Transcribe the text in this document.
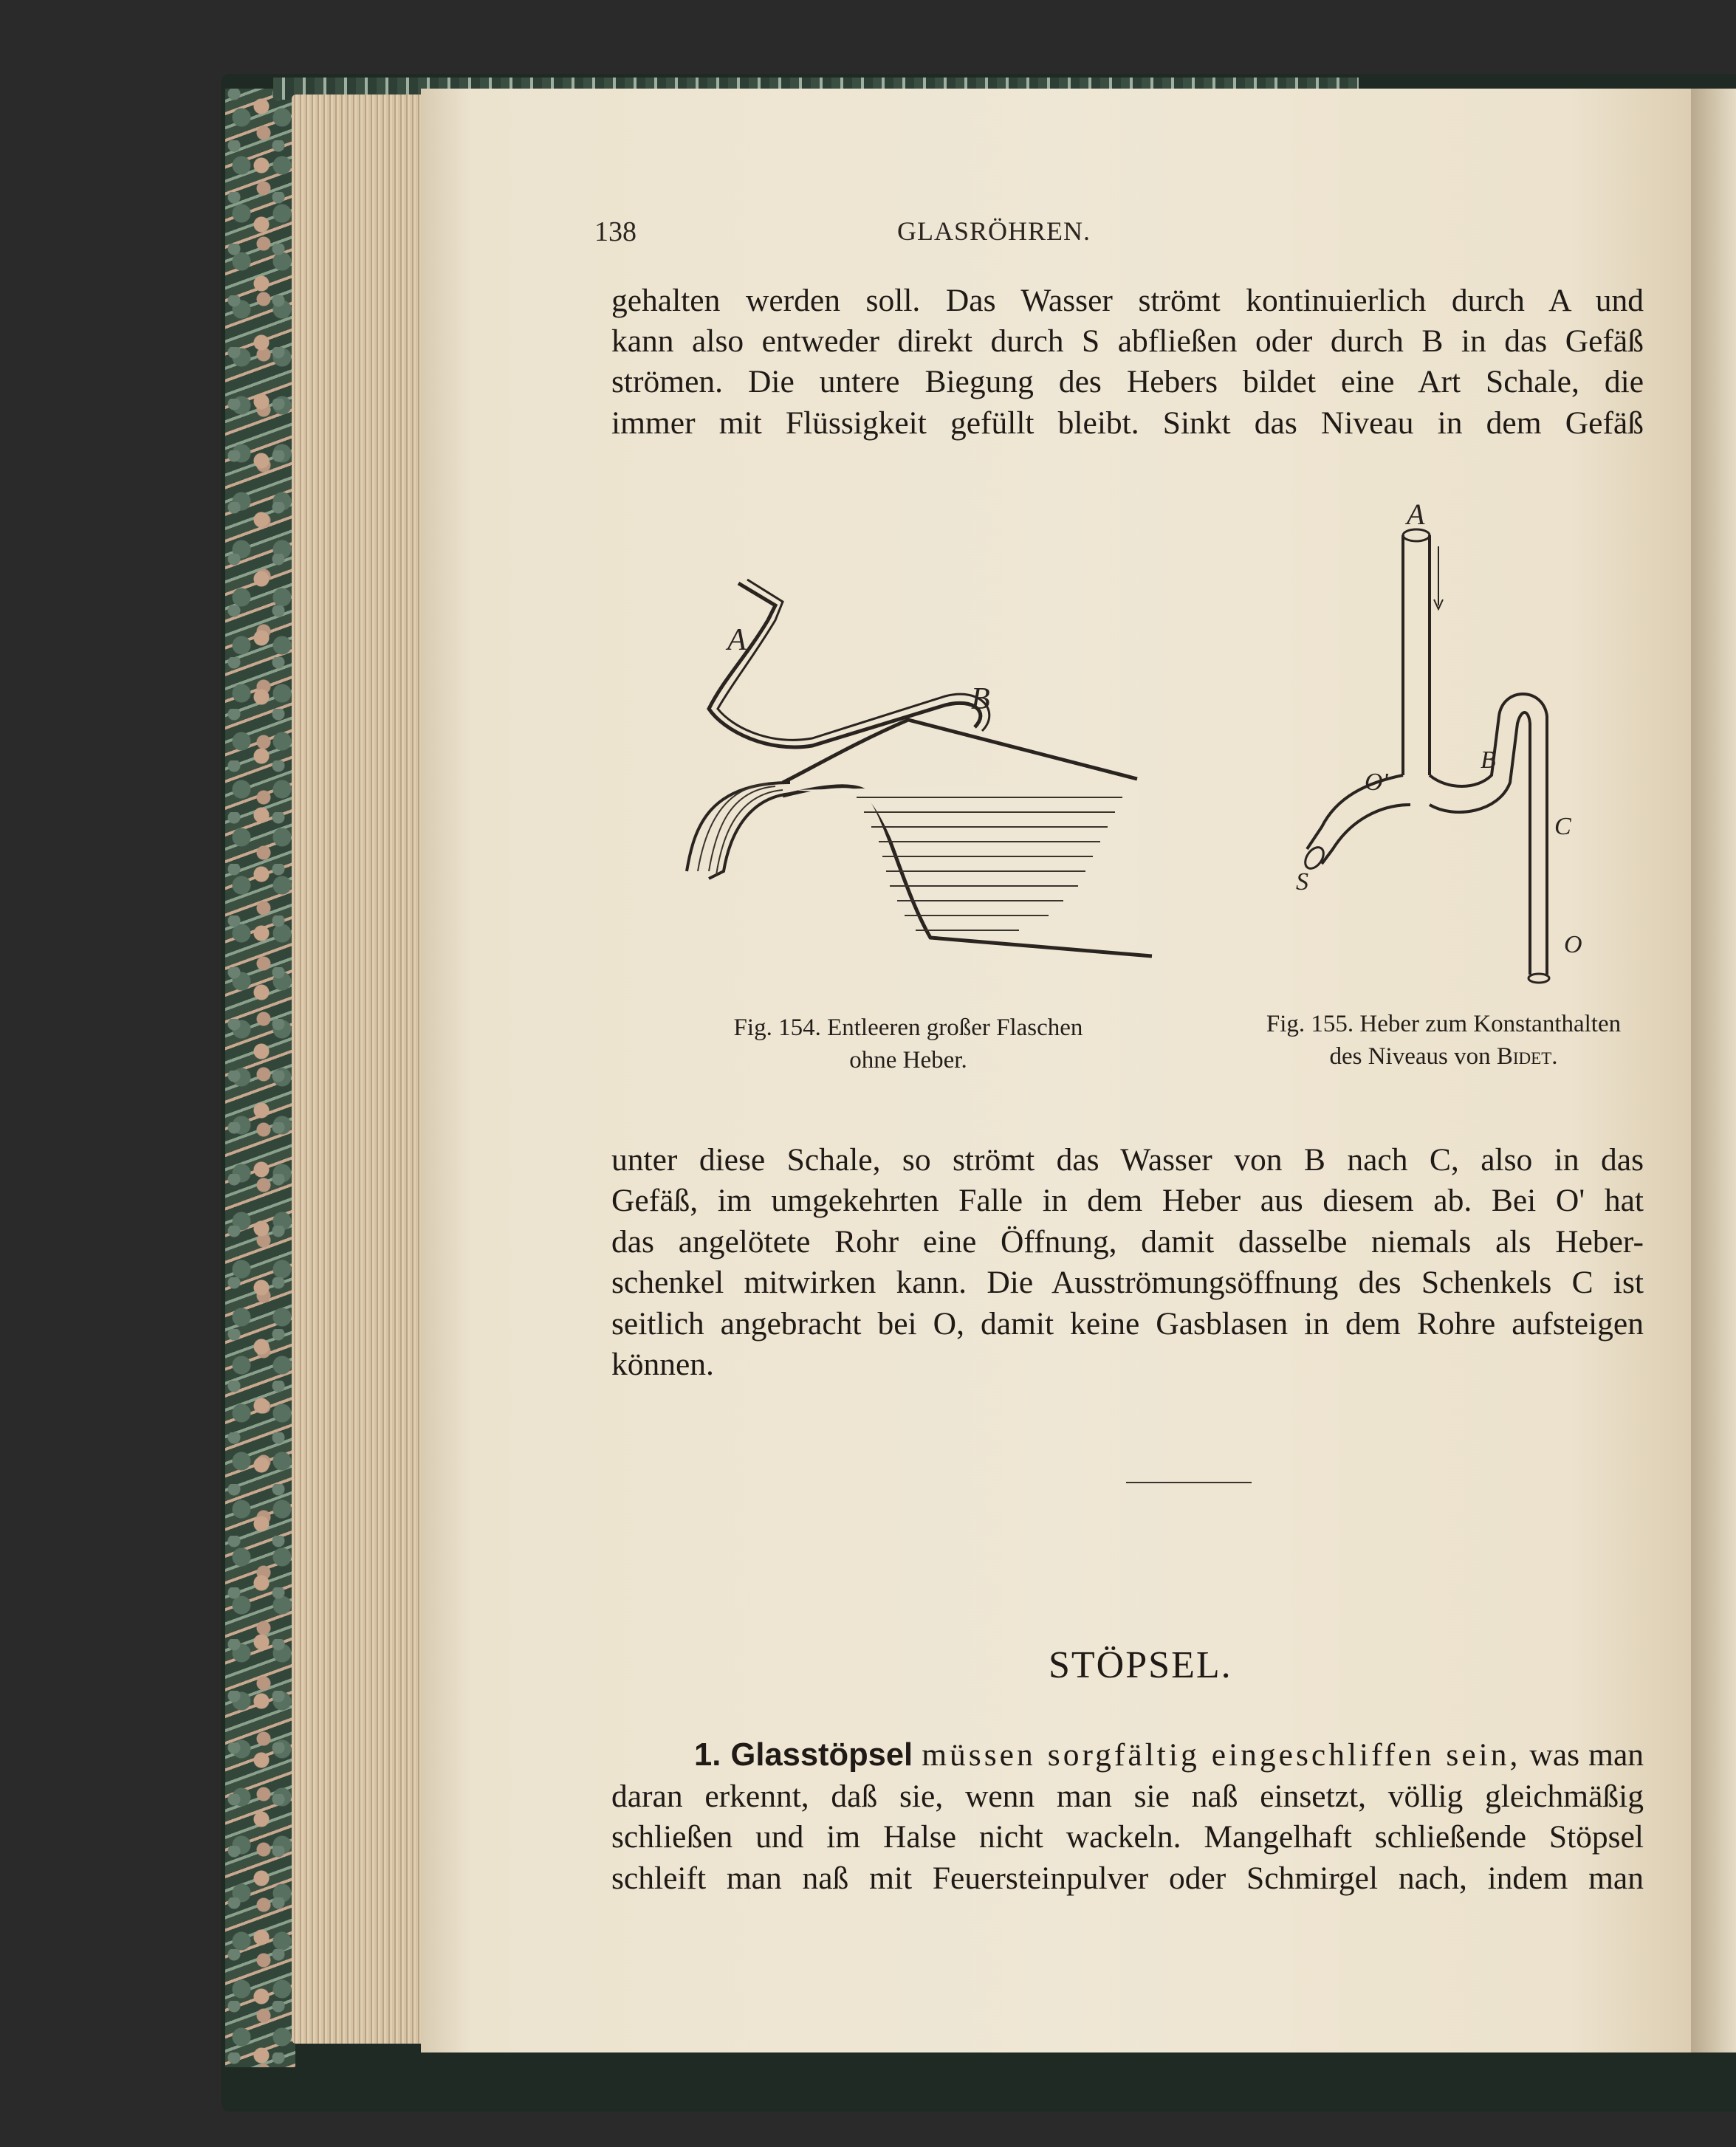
138	GLASRÖHREN.

gehalten werden soll. Das Wasser strömt kontinuierlich durch A und

kann also entweder direkt durch S abfließen oder durch B in das Gefäß

strömen. Die untere Biegung des Hebers bildet eine Art Schale, die

immer mit Flüssigkeit gefüllt bleibt. Sinkt das Niveau in dem Gefäß

A
B
A
O'
B
C
S
O
Fig. 154. Entleeren großer Flaschen
ohne Heber.
Fig. 155. Heber zum Konstanthalten
des Niveaus von Bidet.

unter diese Schale, so strömt das Wasser von B nach C, also in das

Gefäß, im umgekehrten Falle in dem Heber aus diesem ab. Bei O' hat

das angelötete Rohr eine Öffnung, damit dasselbe niemals als Heber-

schenkel mitwirken kann. Die Ausströmungsöffnung des Schenkels C ist

seitlich angebracht bei O, damit keine Gasblasen in dem Rohre aufsteigen

können.

STÖPSEL.

1. Glasstöpsel müssen sorgfältig eingeschliffen sein, was man

daran erkennt, daß sie, wenn man sie naß einsetzt, völlig gleichmäßig

schließen und im Halse nicht wackeln. Mangelhaft schließende Stöpsel

schleift man naß mit Feuersteinpulver oder Schmirgel nach, indem man
